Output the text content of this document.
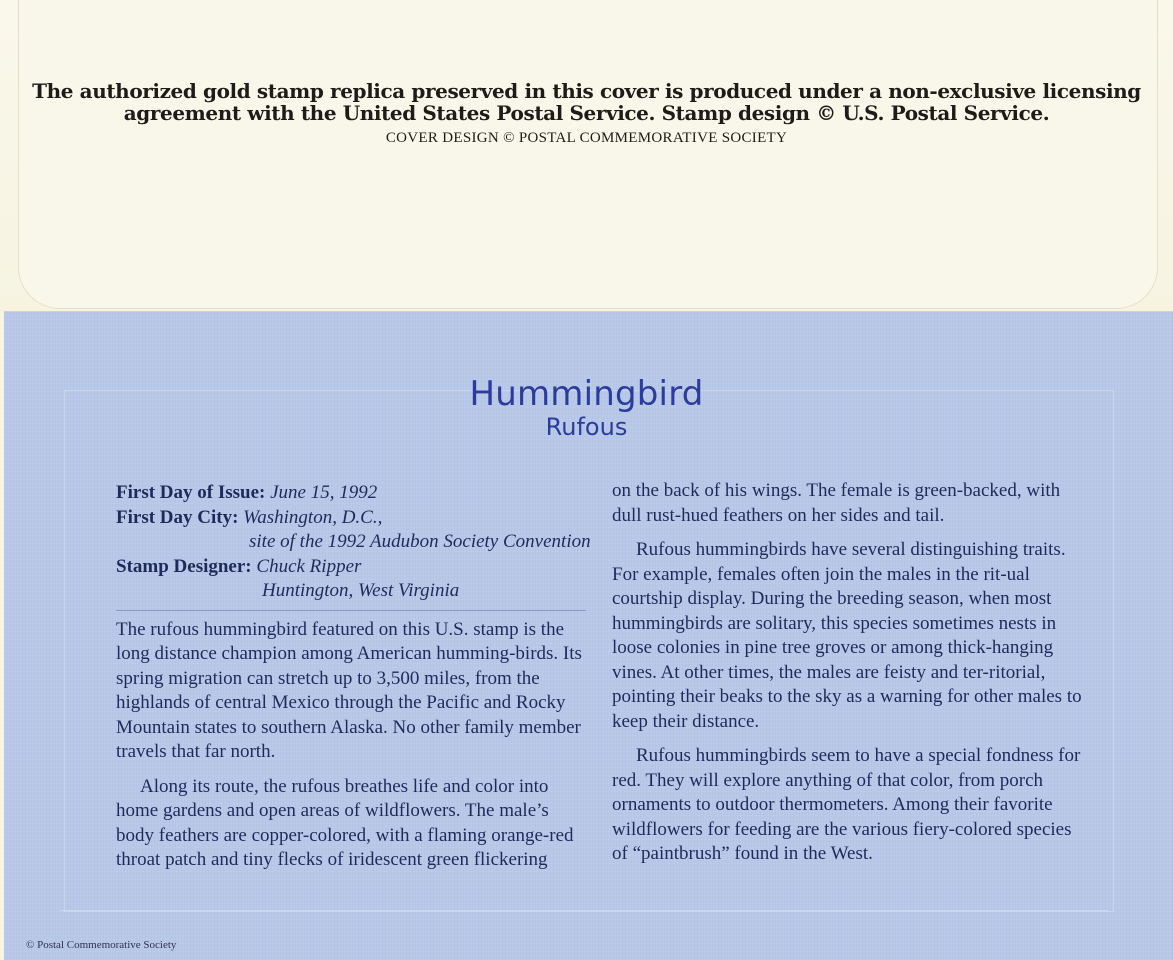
The authorized gold stamp replica preserved in this cover is produced under a non-exclusive licensing
agreement with the United States Postal Service. Stamp design © U.S. Postal Service.
COVER DESIGN © POSTAL COMMEMORATIVE SOCIETY
Hummingbird
Rufous
First Day of Issue: June 15, 1992
First Day City: Washington, D.C.,
site of the 1992 Audubon Society Convention
Stamp Designer: Chuck Ripper
Huntington, West Virginia

The rufous hummingbird featured on this U.S. stamp is the long distance champion among American humming-birds. Its spring migration can stretch up to 3,500 miles, from the highlands of central Mexico through the Pacific and Rocky Mountain states to southern Alaska. No other family member travels that far north.

Along its route, the rufous breathes life and color into home gardens and open areas of wildflowers. The male’s body feathers are copper-colored, with a flaming orange-red throat patch and tiny flecks of iridescent green flickering

on the back of his wings. The female is green-backed, with dull rust-hued feathers on her sides and tail.

Rufous hummingbirds have several distinguishing traits. For example, females often join the males in the rit-ual courtship display. During the breeding season, when most hummingbirds are solitary, this species sometimes nests in loose colonies in pine tree groves or among thick-hanging vines. At other times, the males are feisty and ter-ritorial, pointing their beaks to the sky as a warning for other males to keep their distance.

Rufous hummingbirds seem to have a special fondness for red. They will explore anything of that color, from porch ornaments to outdoor thermometers. Among their favorite wildflowers for feeding are the various fiery-colored species of “paintbrush” found in the West.

© Postal Commemorative Society
